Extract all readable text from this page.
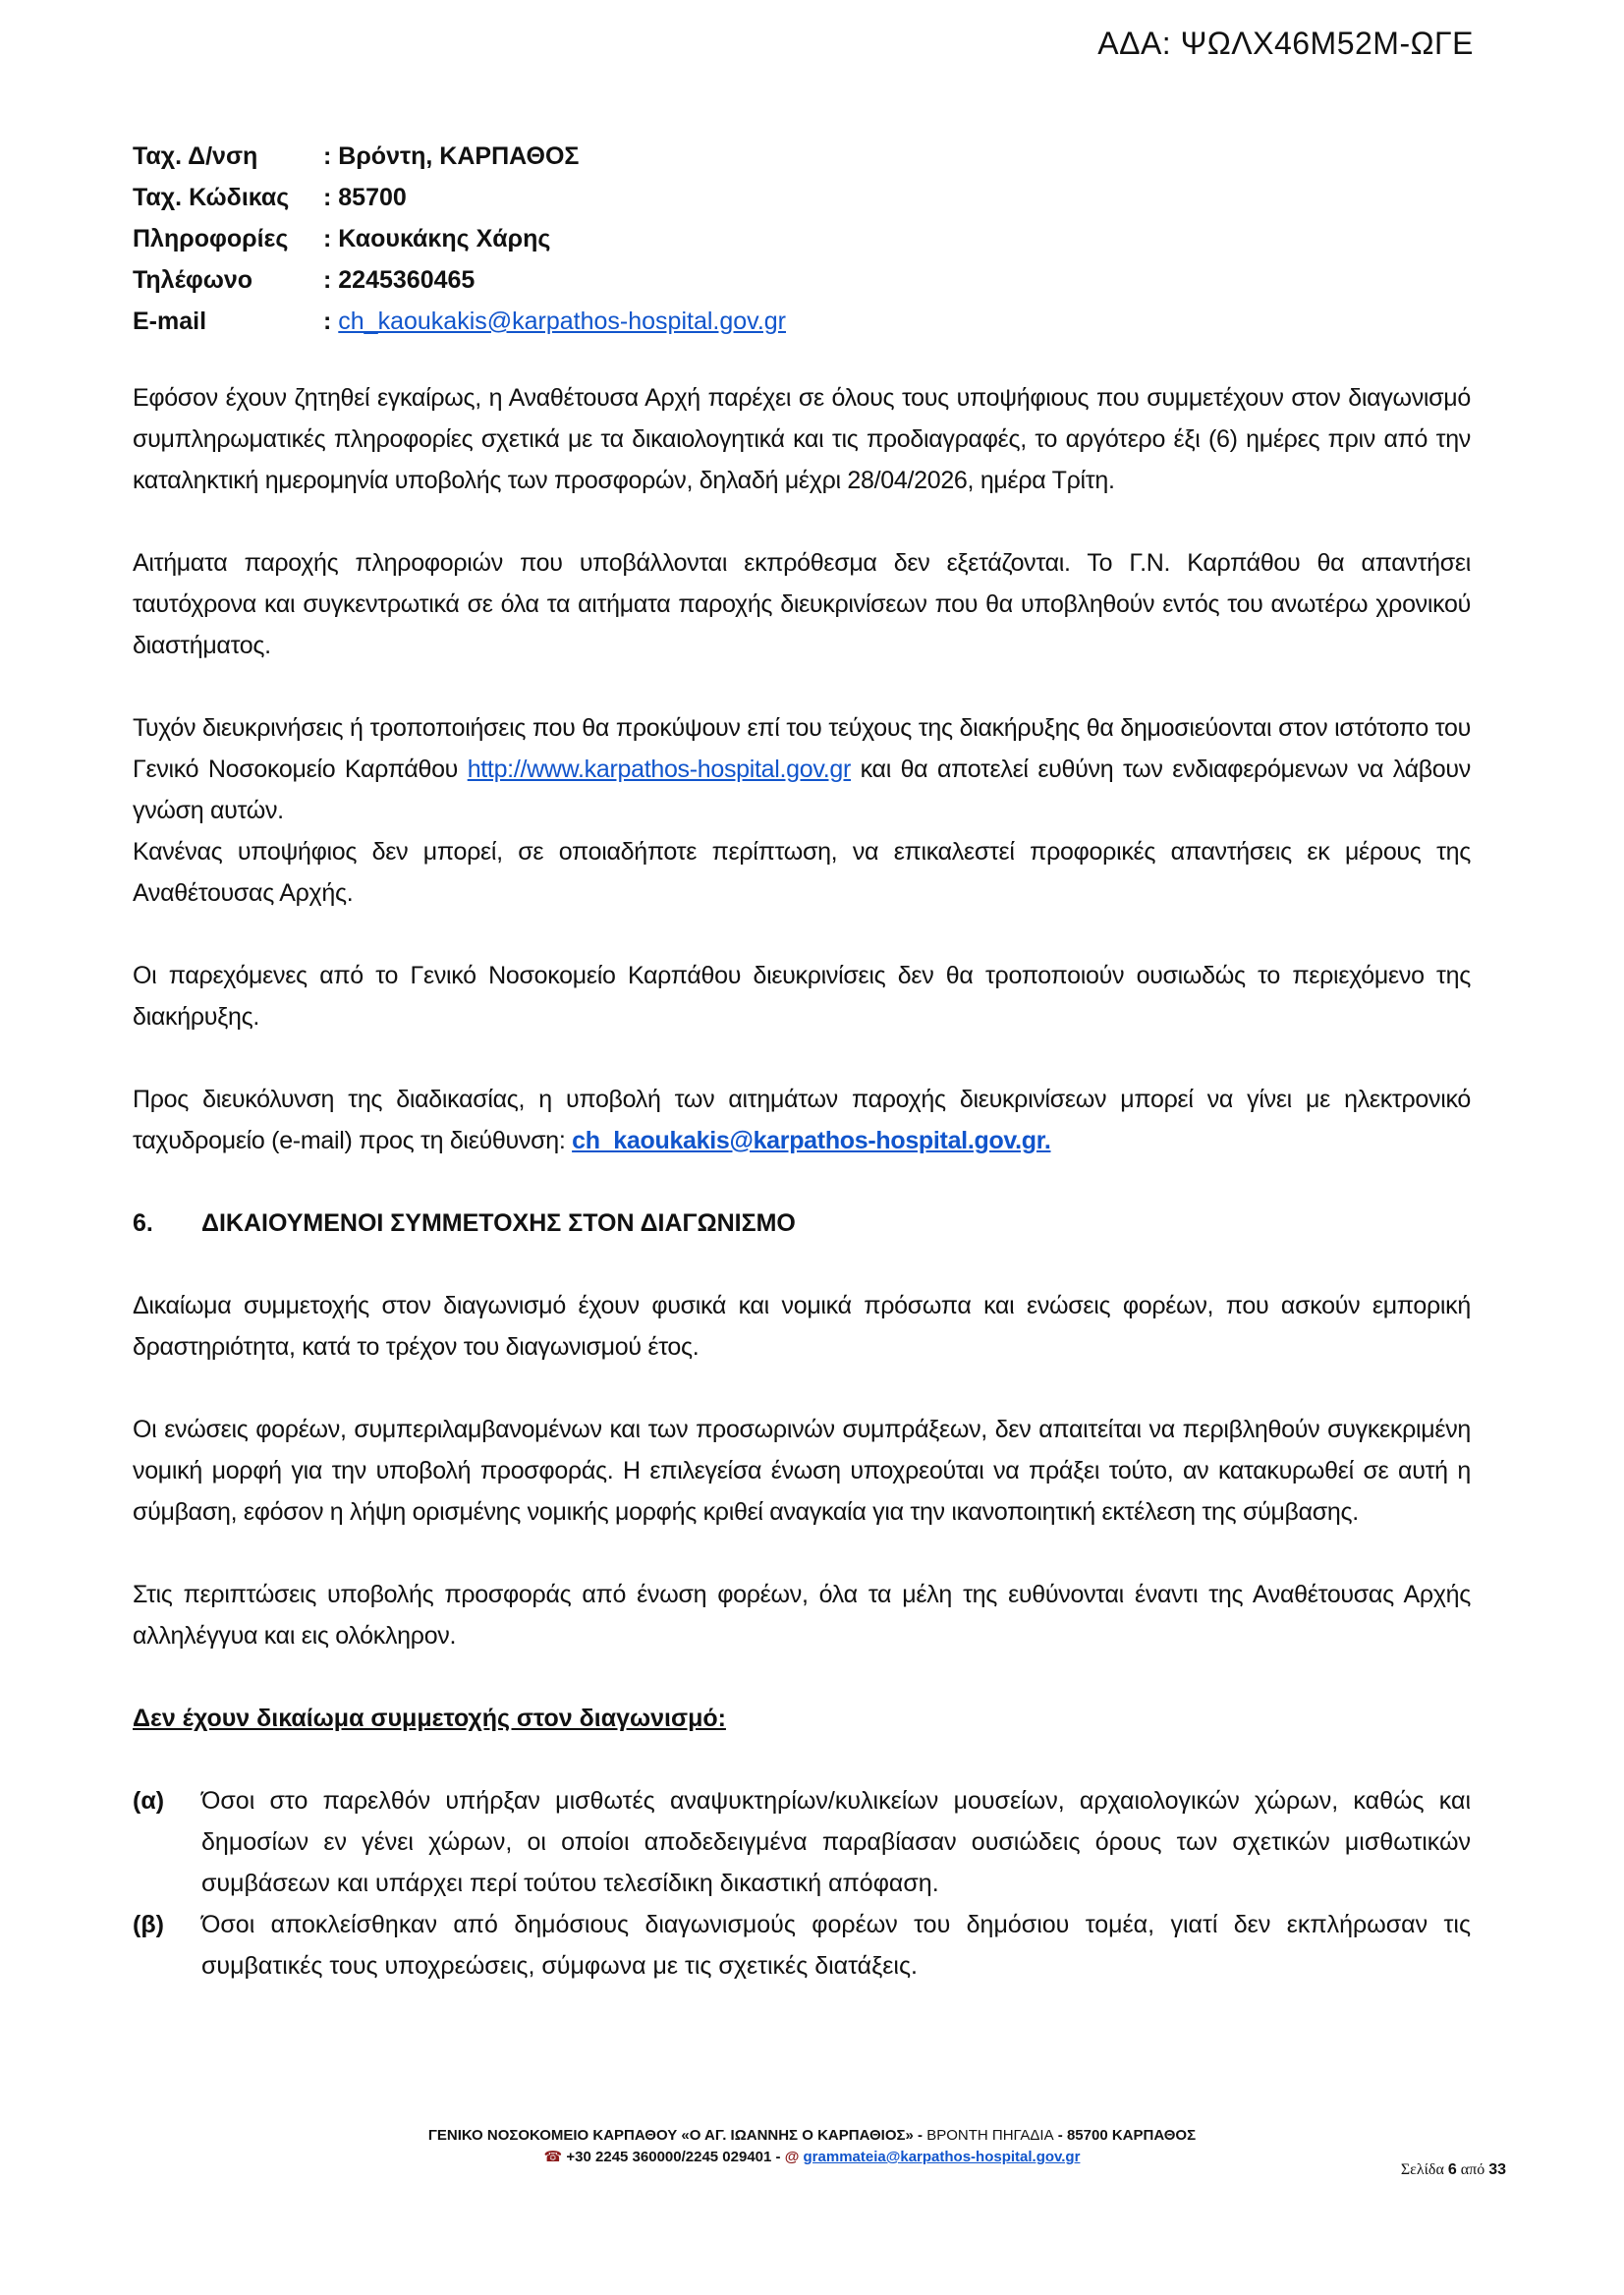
ΑΔΑ: ΨΩΛΧ46Μ52Μ-ΩΓΕ
Ταχ. Δ/νση	: Βρόντη, ΚΑΡΠΑΘΟΣ
Ταχ. Κώδικας	: 85700
Πληροφορίες	: Καουκάκης Χάρης
Τηλέφωνο	: 2245360465
E-mail	: ch_kaoukakis@karpathos-hospital.gov.gr

Εφόσον έχουν ζητηθεί εγκαίρως, η Αναθέτουσα Αρχή παρέχει σε όλους τους υποψήφιους που συμμετέχουν στον διαγωνισμό συμπληρωματικές πληροφορίες σχετικά με τα δικαιολογητικά και τις προδιαγραφές, το αργότερο έξι (6) ημέρες πριν από την καταληκτική ημερομηνία υποβολής των προσφορών, δηλαδή μέχρι 28/04/2026, ημέρα Τρίτη.

Αιτήματα παροχής πληροφοριών που υποβάλλονται εκπρόθεσμα δεν εξετάζονται. Το Γ.Ν. Καρπάθου θα απαντήσει ταυτόχρονα και συγκεντρωτικά σε όλα τα αιτήματα παροχής διευκρινίσεων που θα υποβληθούν εντός του ανωτέρω χρονικού διαστήματος.

Τυχόν διευκρινήσεις ή τροποποιήσεις που θα προκύψουν επί του τεύχους της διακήρυξης θα δημοσιεύονται στον ιστότοπο του Γενικό Νοσοκομείο Καρπάθου http://www.karpathos-hospital.gov.gr και θα αποτελεί ευθύνη των ενδιαφερόμενων να λάβουν γνώση αυτών.

Κανένας υποψήφιος δεν μπορεί, σε οποιαδήποτε περίπτωση, να επικαλεστεί προφορικές απαντήσεις εκ μέρους της Αναθέτουσας Αρχής.

Οι παρεχόμενες από το Γενικό Νοσοκομείο Καρπάθου διευκρινίσεις δεν θα τροποποιούν ουσιωδώς το περιεχόμενο της διακήρυξης.

Προς διευκόλυνση της διαδικασίας, η υποβολή των αιτημάτων παροχής διευκρινίσεων μπορεί να γίνει με ηλεκτρονικό ταχυδρομείο (e-mail) προς τη διεύθυνση: ch_kaoukakis@karpathos-hospital.gov.gr.

6.	ΔΙΚΑΙΟΥΜΕΝΟΙ ΣΥΜΜΕΤΟΧΗΣ ΣΤΟΝ ΔΙΑΓΩΝΙΣΜΟ

Δικαίωμα συμμετοχής στον διαγωνισμό έχουν φυσικά και νομικά πρόσωπα και ενώσεις φορέων, που ασκούν εμπορική δραστηριότητα, κατά το τρέχον του διαγωνισμού έτος.

Οι ενώσεις φορέων, συμπεριλαμβανομένων και των προσωρινών συμπράξεων, δεν απαιτείται να περιβληθούν συγκεκριμένη νομική μορφή για την υποβολή προσφοράς. Η επιλεγείσα ένωση υποχρεούται να πράξει τούτο, αν κατακυρωθεί σε αυτή η σύμβαση, εφόσον η λήψη ορισμένης νομικής μορφής κριθεί αναγκαία για την ικανοποιητική εκτέλεση της σύμβασης.

Στις περιπτώσεις υποβολής προσφοράς από ένωση φορέων, όλα τα μέλη της ευθύνονται έναντι της Αναθέτουσας Αρχής αλληλέγγυα και εις ολόκληρον.

Δεν έχουν δικαίωμα συμμετοχής στον διαγωνισμό:
(α)	Όσοι στο παρελθόν υπήρξαν μισθωτές αναψυκτηρίων/κυλικείων μουσείων, αρχαιολογικών χώρων, καθώς και δημοσίων εν γένει χώρων, οι οποίοι αποδεδειγμένα παραβίασαν ουσιώδεις όρους των σχετικών μισθωτικών συμβάσεων και υπάρχει περί τούτου τελεσίδικη δικαστική απόφαση.
(β)	Όσοι αποκλείσθηκαν από δημόσιους διαγωνισμούς φορέων του δημόσιου τομέα, γιατί δεν εκπλήρωσαν τις συμβατικές τους υποχρεώσεις, σύμφωνα με τις σχετικές διατάξεις.
ΓΕΝΙΚΟ ΝΟΣΟΚΟΜΕΙΟ ΚΑΡΠΑΘΟΥ «Ο ΑΓ. ΙΩΑΝΝΗΣ Ο ΚΑΡΠΑΘΙΟΣ» - ΒΡΟΝΤΗ ΠΗΓΑΔΙΑ - 85700 ΚΑΡΠΑΘΟΣ
☎ +30 2245 360000/2245 029401 - @ grammateia@karpathos-hospital.gov.gr
Σελίδα 6 από 33
